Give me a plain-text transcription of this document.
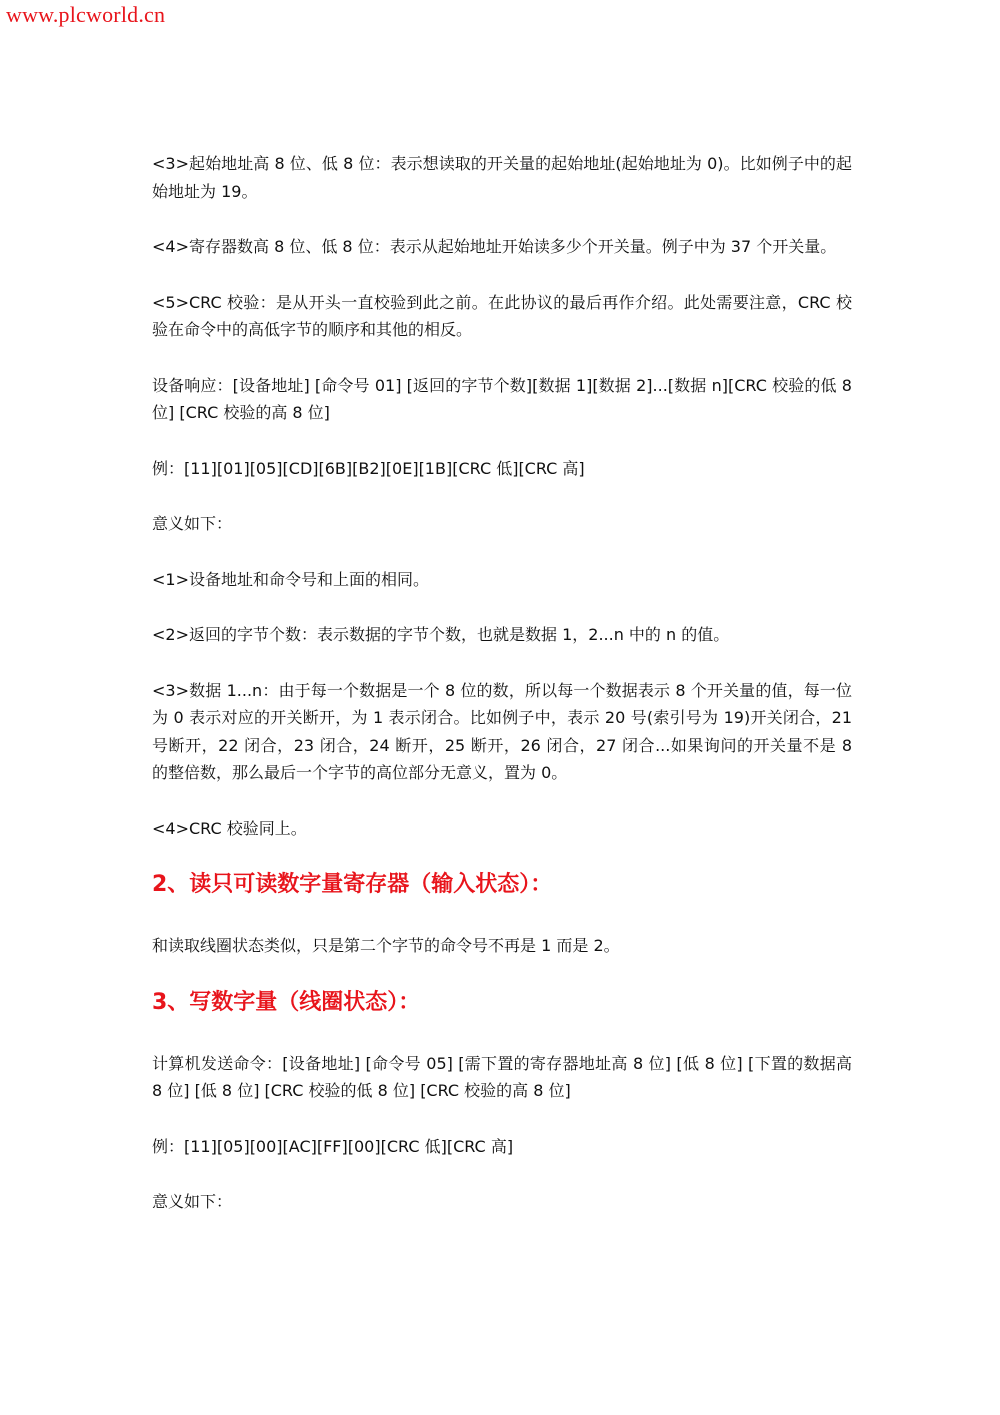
www.plcworld.cn

<3>起始地址高 8 位、低 8 位：表示想读取的开关量的起始地址(起始地址为 0)。比如例子中的起始地址为 19。

<4>寄存器数高 8 位、低 8 位：表示从起始地址开始读多少个开关量。例子中为 37 个开关量。

<5>CRC 校验：是从开头一直校验到此之前。在此协议的最后再作介绍。此处需要注意，CRC 校验在命令中的高低字节的顺序和其他的相反。

设备响应：[设备地址] [命令号 01] [返回的字节个数][数据 1][数据 2]...[数据 n][CRC 校验的低 8 位] [CRC 校验的高 8 位]

例：[11][01][05][CD][6B][B2][0E][1B][CRC 低][CRC 高]

意义如下：

<1>设备地址和命令号和上面的相同。

<2>返回的字节个数：表示数据的字节个数，也就是数据 1，2...n 中的 n 的值。

<3>数据 1...n：由于每一个数据是一个 8 位的数，所以每一个数据表示 8 个开关量的值，每一位为 0 表示对应的开关断开，为 1 表示闭合。比如例子中，表示 20 号(索引号为 19)开关闭合，21 号断开，22 闭合，23 闭合，24 断开，25 断开，26 闭合，27 闭合...如果询问的开关量不是 8 的整倍数，那么最后一个字节的高位部分无意义，置为 0。

<4>CRC 校验同上。

2、读只可读数字量寄存器（输入状态）：

和读取线圈状态类似，只是第二个字节的命令号不再是 1 而是 2。

3、写数字量（线圈状态）：

计算机发送命令：[设备地址] [命令号 05] [需下置的寄存器地址高 8 位] [低 8 位] [下置的数据高 8 位] [低 8 位] [CRC 校验的低 8 位] [CRC 校验的高 8 位]

例：[11][05][00][AC][FF][00][CRC 低][CRC 高]

意义如下：
